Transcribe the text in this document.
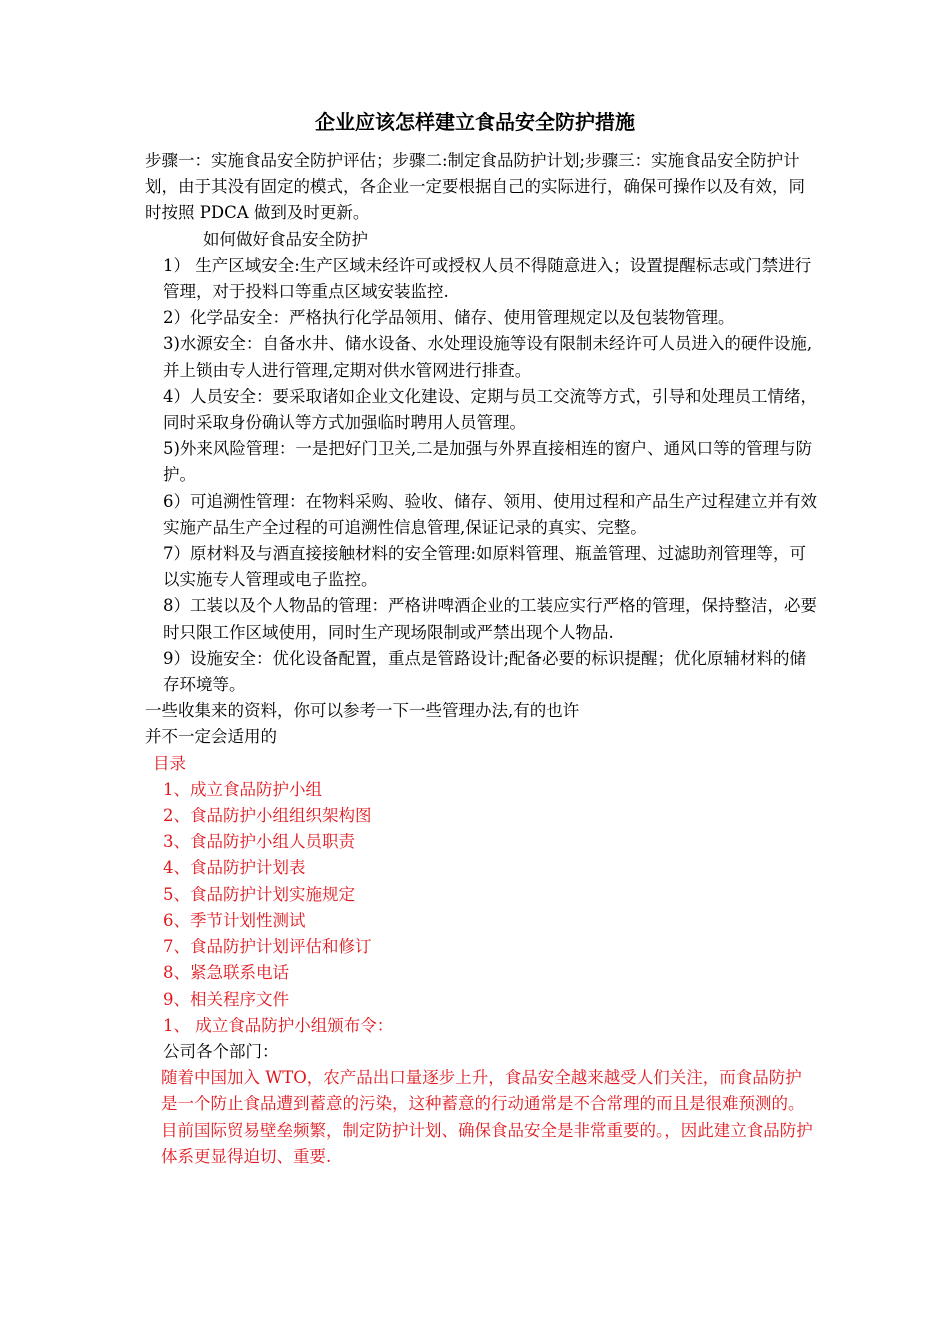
企业应该怎样建立食品安全防护措施

步骤一：实施食品安全防护评估；步骤二:制定食品防护计划;步骤三：实施食品安全防护计划，由于其没有固定的模式，各企业一定要根据自己的实际进行，确保可操作以及有效，同时按照 PDCA 做到及时更新。

如何做好食品安全防护

1） 生产区域安全:生产区域未经许可或授权人员不得随意进入；设置提醒标志或门禁进行管理，对于投料口等重点区域安装监控.

2）化学品安全：严格执行化学品领用、储存、使用管理规定以及包装物管理。

3)水源安全：自备水井、储水设备、水处理设施等设有限制未经许可人员进入的硬件设施,并上锁由专人进行管理,定期对供水管网进行排查。

4）人员安全：要采取诸如企业文化建设、定期与员工交流等方式，引导和处理员工情绪，同时采取身份确认等方式加强临时聘用人员管理。

5)外来风险管理：一是把好门卫关,二是加强与外界直接相连的窗户、通风口等的管理与防护。

6）可追溯性管理：在物料采购、验收、储存、领用、使用过程和产品生产过程建立并有效实施产品生产全过程的可追溯性信息管理,保证记录的真实、完整。

7）原材料及与酒直接接触材料的安全管理:如原料管理、瓶盖管理、过滤助剂管理等，可以实施专人管理或电子监控。

8）工装以及个人物品的管理：严格讲啤酒企业的工装应实行严格的管理，保持整洁，必要时只限工作区域使用，同时生产现场限制或严禁出现个人物品.

9）设施安全：优化设备配置，重点是管路设计;配备必要的标识提醒；优化原辅材料的储存环境等。

一些收集来的资料，你可以参考一下一些管理办法,有的也许

并不一定会适用的

目录

1、成立食品防护小组

2、食品防护小组组织架构图

3、食品防护小组人员职责

4、食品防护计划表

5、食品防护计划实施规定

6、季节计划性测试

7、食品防护计划评估和修订

8、紧急联系电话

9、相关程序文件

1、 成立食品防护小组颁布令：

公司各个部门：

随着中国加入 WTO，农产品出口量逐步上升，食品安全越来越受人们关注，而食品防护是一个防止食品遭到蓄意的污染，这种蓄意的行动通常是不合常理的而且是很难预测的。目前国际贸易壁垒频繁，制定防护计划、确保食品安全是非常重要的。，因此建立食品防护体系更显得迫切、重要.
